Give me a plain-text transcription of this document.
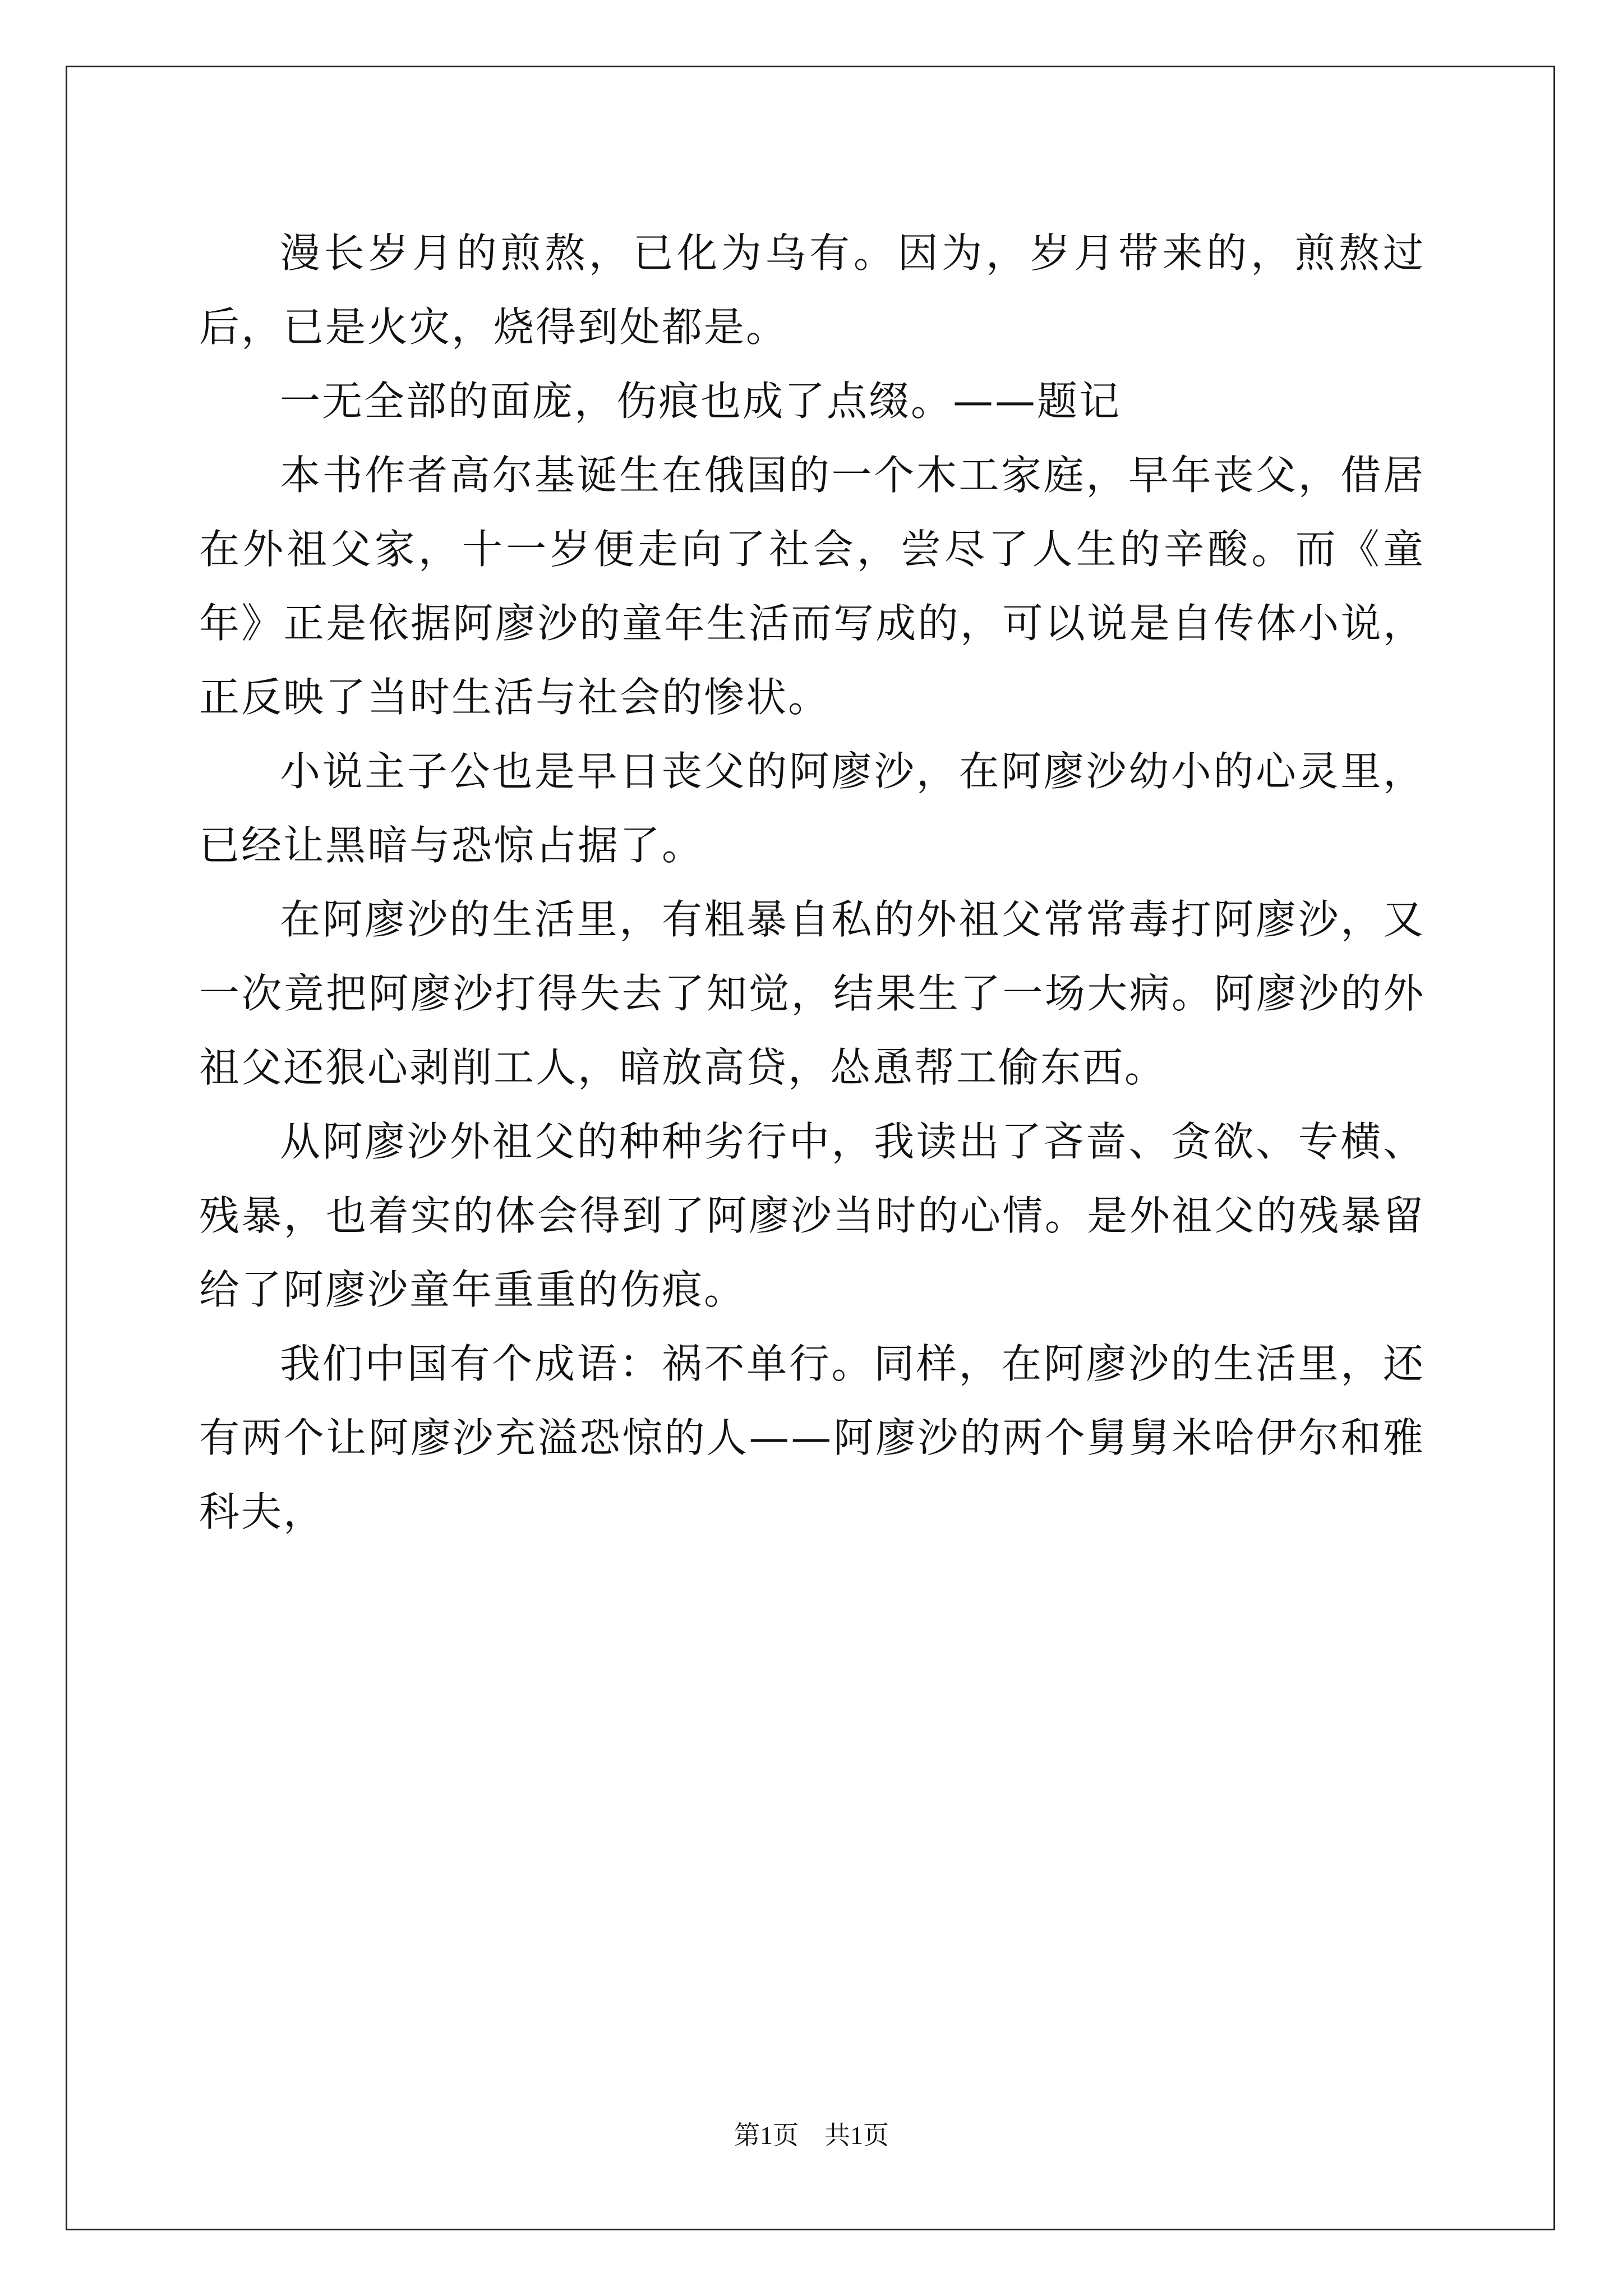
漫长岁月的煎熬，已化为乌有。因为，岁月带来的，煎熬过后，已是火灾，烧得到处都是。

一无全部的面庞，伤痕也成了点缀。——题记

本书作者高尔基诞生在俄国的一个木工家庭，早年丧父，借居在外祖父家，十一岁便走向了社会，尝尽了人生的辛酸。而《童年》正是依据阿廖沙的童年生活而写成的，可以说是自传体小说，正反映了当时生活与社会的惨状。

小说主子公也是早日丧父的阿廖沙，在阿廖沙幼小的心灵里，已经让黑暗与恐惊占据了。

在阿廖沙的生活里，有粗暴自私的外祖父常常毒打阿廖沙，又一次竟把阿廖沙打得失去了知觉，结果生了一场大病。阿廖沙的外祖父还狠心剥削工人，暗放高贷，怂恿帮工偷东西。

从阿廖沙外祖父的种种劣行中，我读出了吝啬、贪欲、专横、残暴，也着实的体会得到了阿廖沙当时的心情。是外祖父的残暴留给了阿廖沙童年重重的伤痕。

我们中国有个成语：祸不单行。同样，在阿廖沙的生活里，还有两个让阿廖沙充溢恐惊的人——阿廖沙的两个舅舅米哈伊尔和雅科夫，

第1页　共1页
